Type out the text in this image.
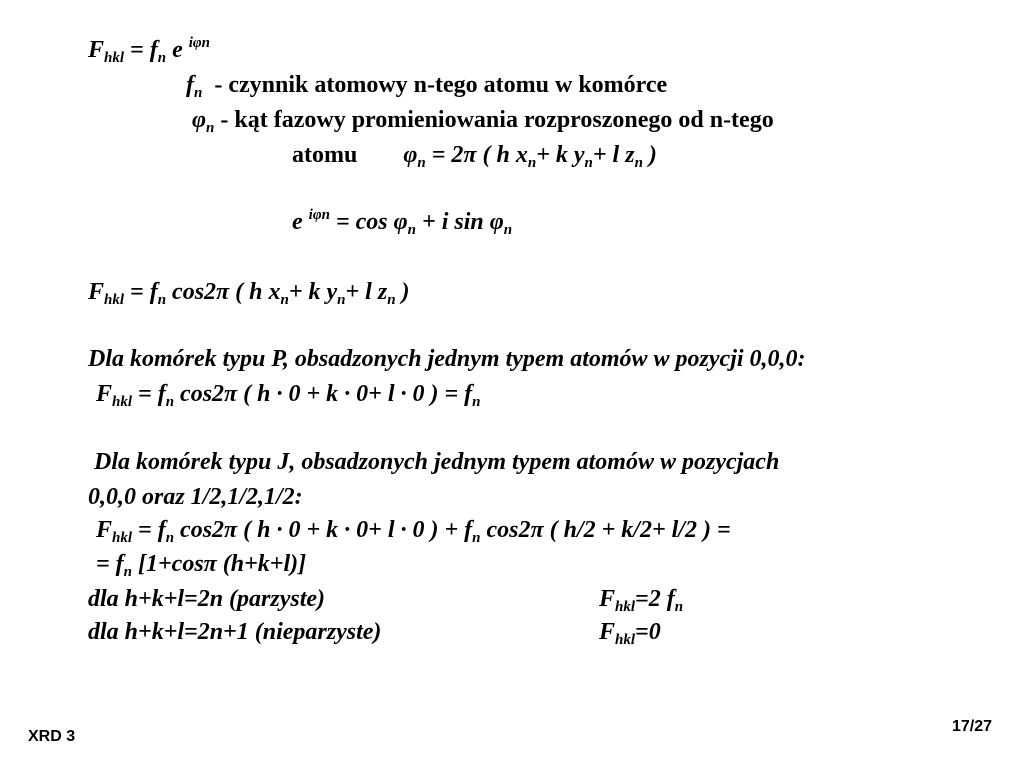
$F_{hkl} = f_n$ e $^{i\varphi n}$
$f_n$ - czynnik atomowy n-tego atomu w komórce
$\varphi_n$ - kąt fazowy promieniowania rozproszonego od n-tego
atomu $\varphi_n = 2\pi$ ( h $x_n+ k$ $y_n+ l$ $z_n$ )
e $^{i\varphi n} = \cos \varphi_n + i$ $\sin \varphi_n$
$F_{hkl} = f_n$ cos2π ( h $x_n+ k$ $y_n+ l$ $z_n$ )
Dla komórek typu P, obsadzonych jednym typem atomów w pozycji 0,0,0:
$F_{hkl} = f_n$ cos2π ( h · 0 + k · 0+ l · 0 ) = $f_n$
Dla komórek typu J, obsadzonych jednym typem atomów w pozycjach
0,0,0 oraz 1/2,1/2,1/2:
$F_{hkl} = f_n$ cos2π ( h · 0 + k · 0+ l · 0 ) + $f_n$ cos2π ( h/2 + k/2+ l/2 ) =
= $f_n$ [1+cosπ (h+k+l)]
dla h+k+l=2n (parzyste)	$F_{hkl}=2$ $f_n$
dla h+k+l=2n+1 (nieparzyste)	$F_{hkl}=0$
XRD 3
17/27
